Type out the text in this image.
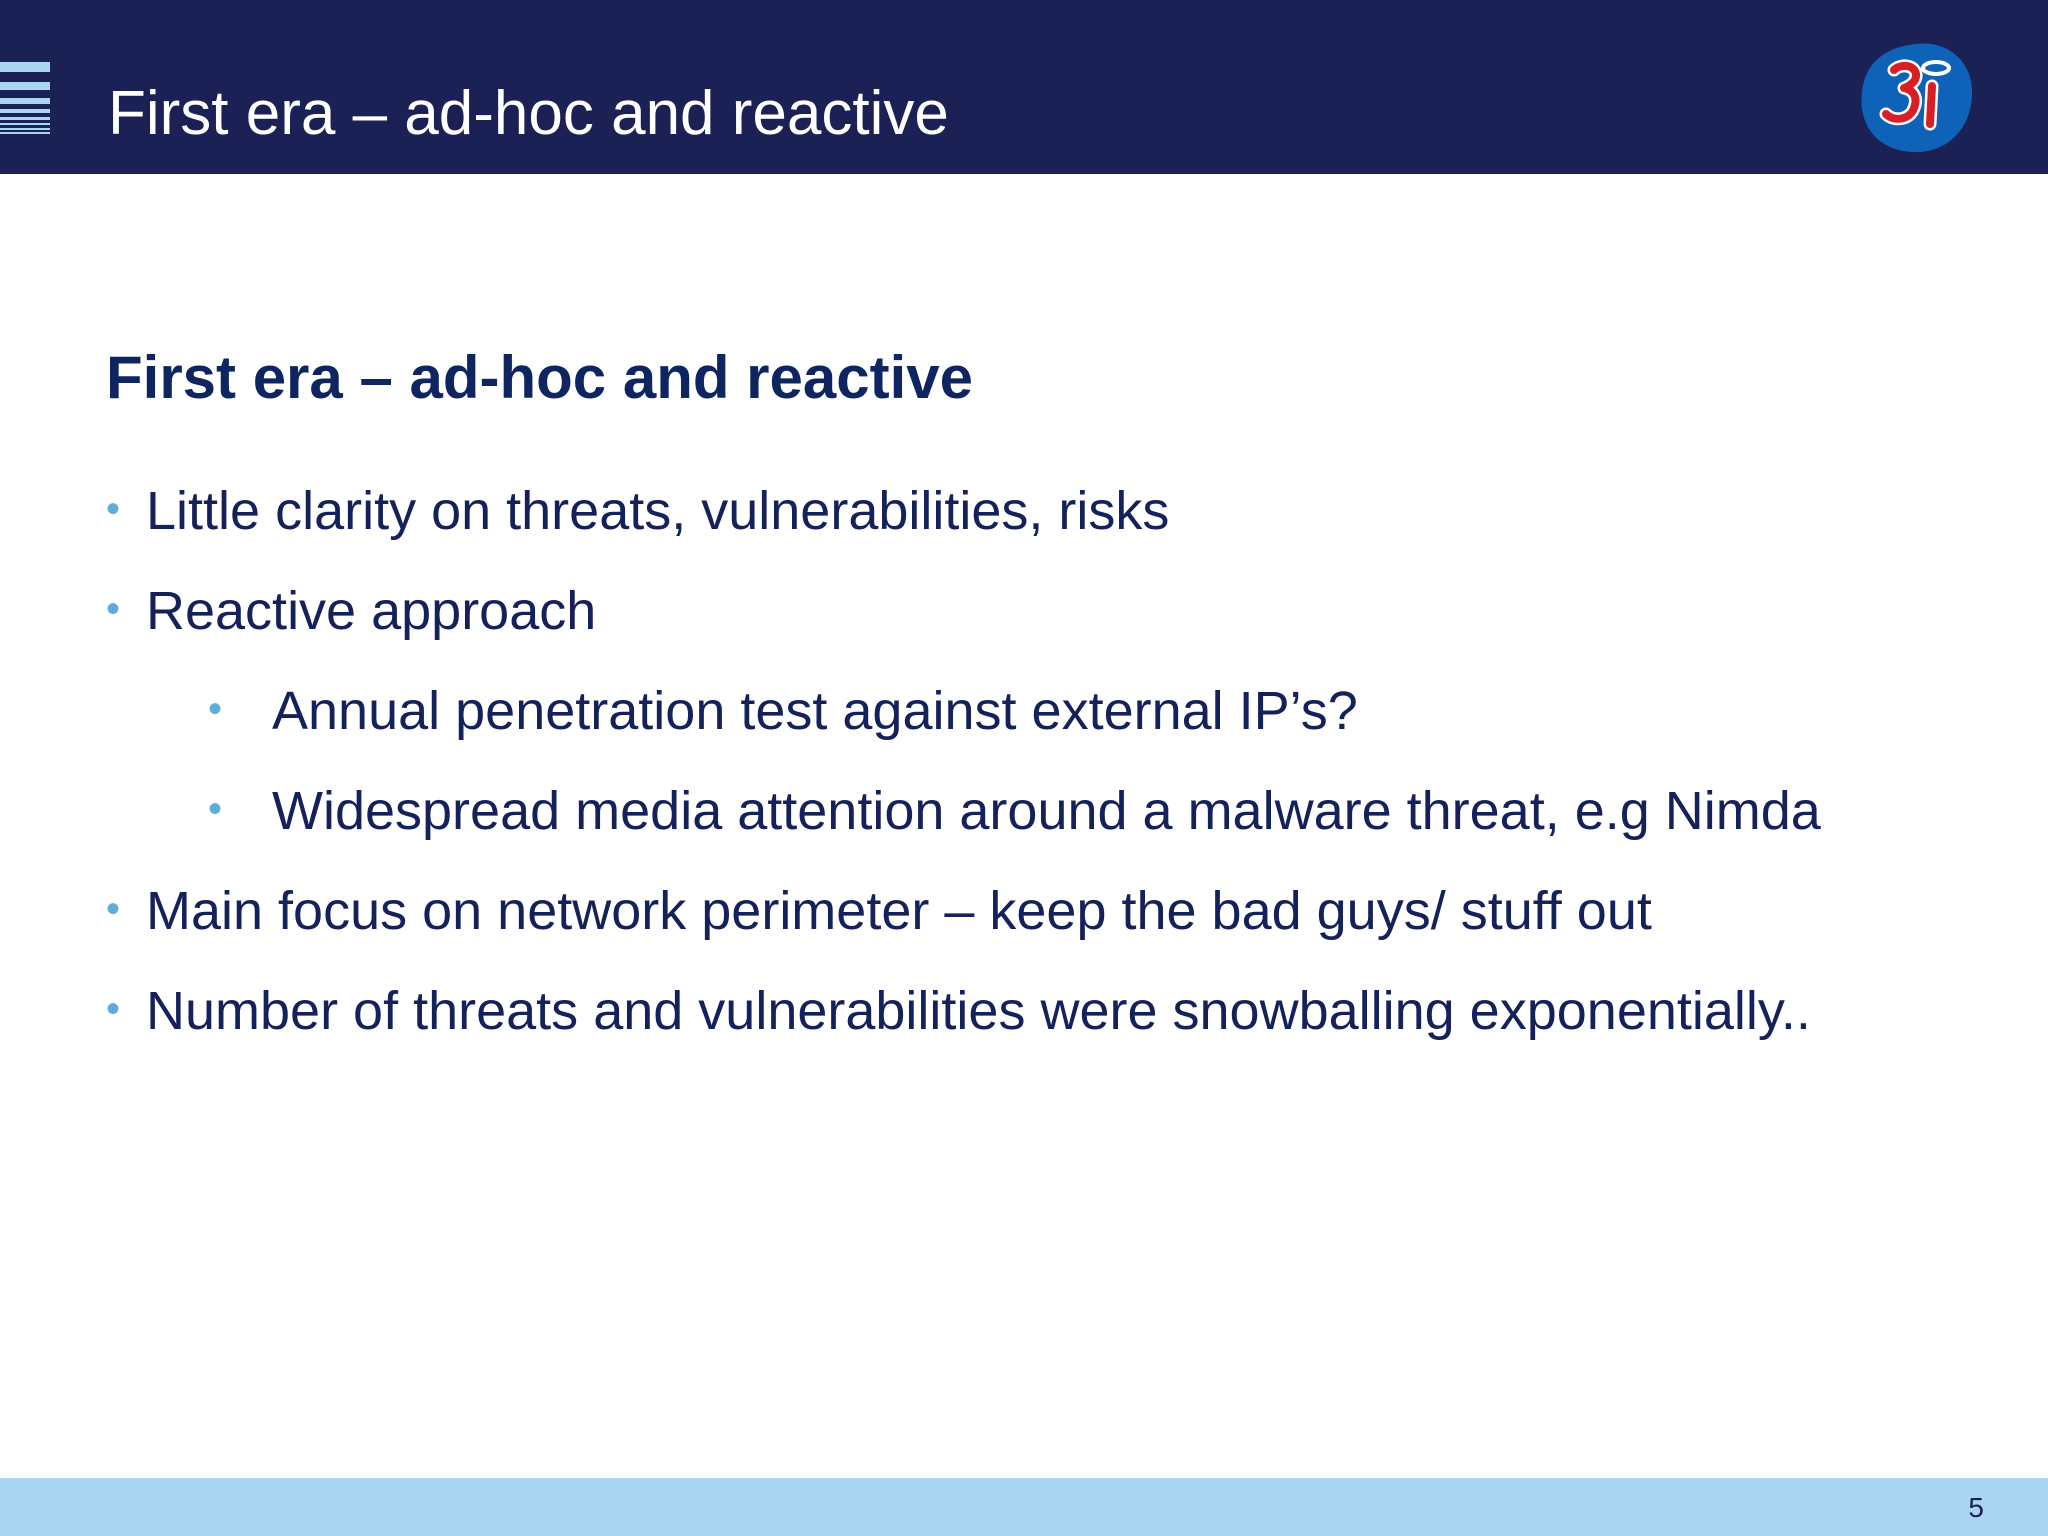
First era – ad-hoc and reactive
First era – ad-hoc and reactive
• Little clarity on threats, vulnerabilities, risks
• Reactive approach
• Annual penetration test against external IP’s?
• Widespread media attention around a malware threat, e.g Nimda
• Main focus on network perimeter – keep the bad guys/ stuff out
• Number of threats and vulnerabilities were snowballing exponentially..
5
